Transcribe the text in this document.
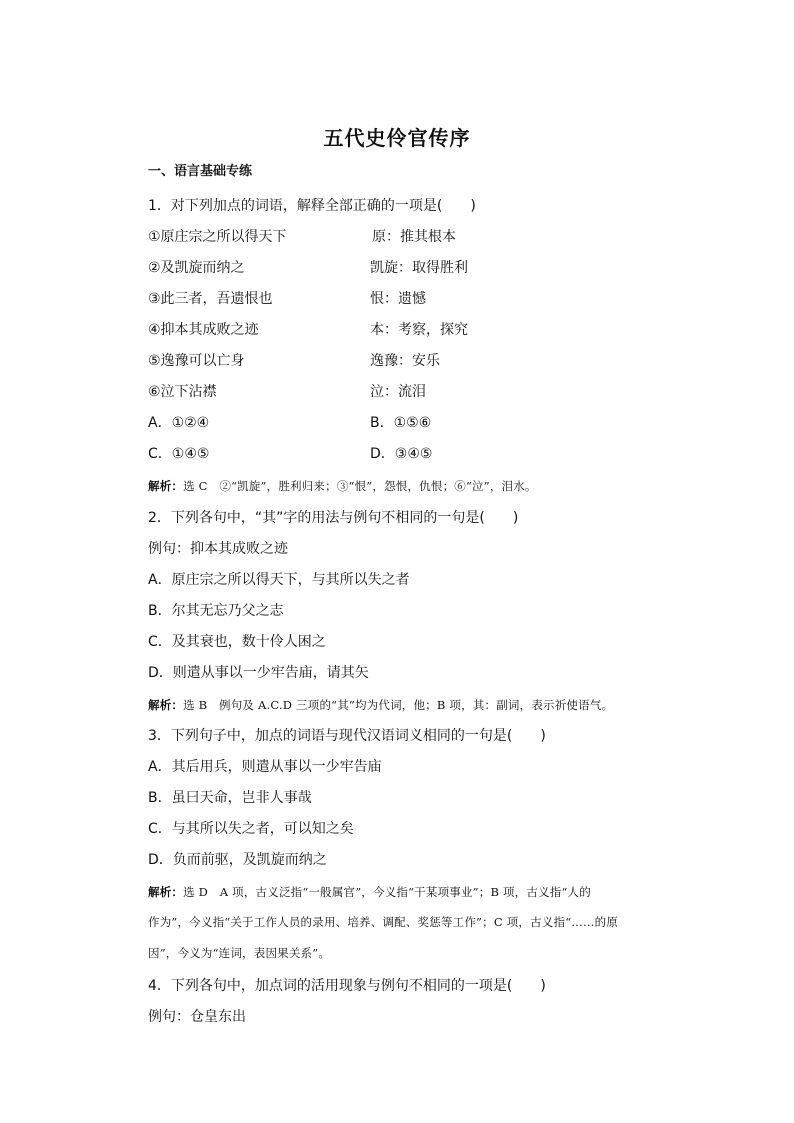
五代史伶官传序
一、语言基础专练
1．对下列加点的词语，解释全部正确的一项是(　　)
①原庄宗之所以得天下	原：推其根本
②及凯旋而纳之	凯旋：取得胜利
③此三者，吾遗恨也	恨：遗憾
④抑本其成败之迹	本：考察，探究
⑤逸豫可以亡身	逸豫：安乐
⑥泣下沾襟	泣：流泪
A．①②④	B．①⑤⑥
C．①④⑤	D．③④⑤
解析：选 C　②“凯旋”，胜利归来；③“恨”，怨恨，仇恨；⑥“泣”，泪水。
2．下列各句中，“其”字的用法与例句不相同的一句是(　　)
例句：抑本其成败之迹
A．原庄宗之所以得天下，与其所以失之者
B．尔其无忘乃父之志
C．及其衰也，数十伶人困之
D．则遣从事以一少牢告庙，请其矢
解析：选 B　例句及 A.C.D 三项的“其”均为代词，他；B 项，其：副词，表示祈使语气。
3．下列句子中，加点的词语与现代汉语词义相同的一句是(　　)
A．其后用兵，则遣从事以一少牢告庙
B．虽曰天命，岂非人事哉
C．与其所以失之者，可以知之矣
D．负而前驱，及凯旋而纳之
解析：选 D　A 项，古义泛指“一般属官”，今义指“干某项事业”；B 项，古义指“人的
作为”，今义指“关于工作人员的录用、培养、调配、奖惩等工作”；C 项，古义指“……的原
因”，今义为“连词，表因果关系”。
4．下列各句中，加点词的活用现象与例句不相同的一项是(　　)
例句：仓皇东出
